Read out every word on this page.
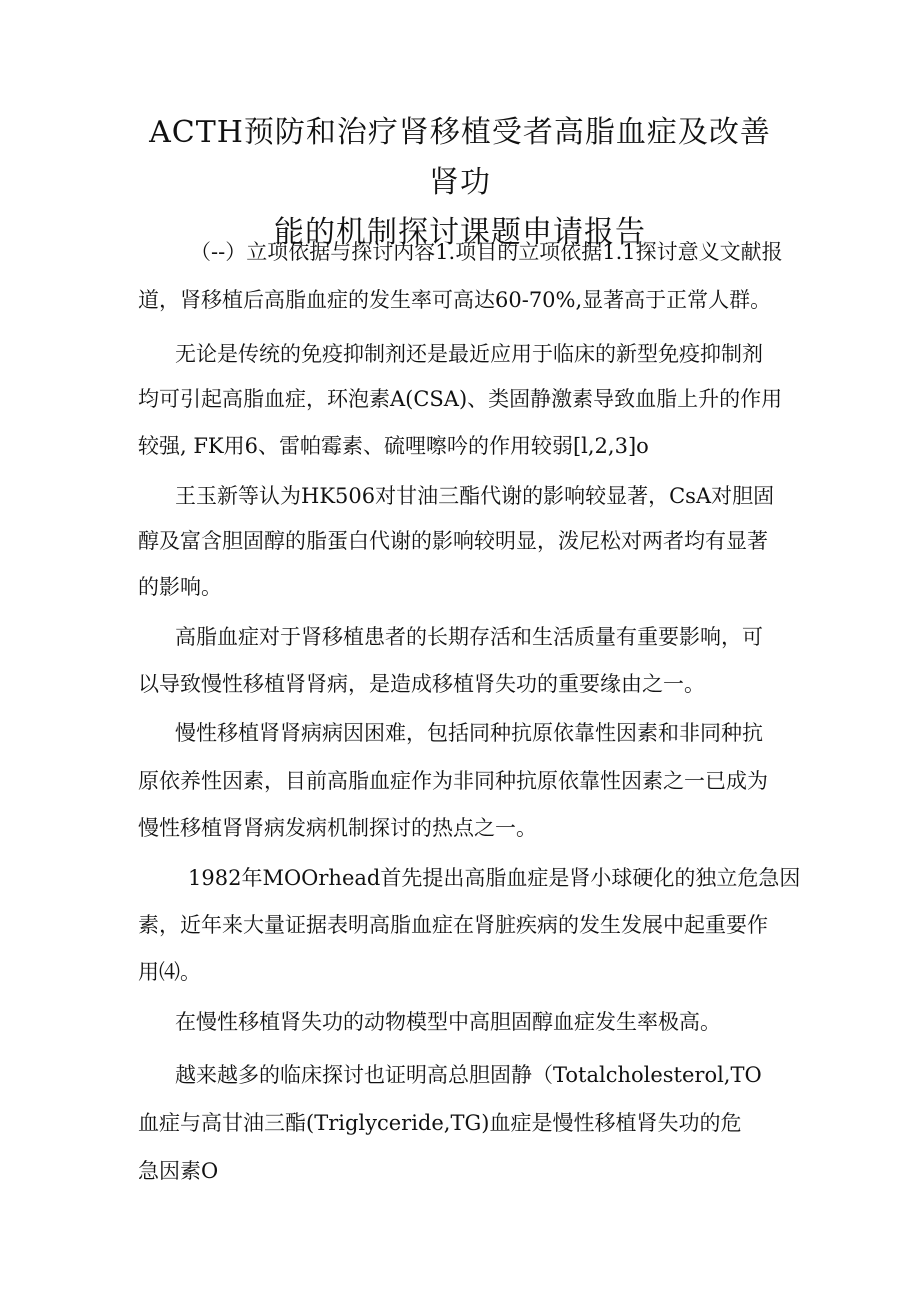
ACTH预防和治疗肾移植受者高脂血症及改善肾功
能的机制探讨课题申请报告

（--）立项依据与探讨内容1.项目的立项依据1.1探讨意义文献报

道，肾移植后高脂血症的发生率可高达60-70%,显著高于正常人群。

无论是传统的免疫抑制剂还是最近应用于临床的新型免疫抑制剂

均可引起高脂血症，环泡素A(CSA)、类固静激素导致血脂上升的作用

较强, FK用6、雷帕霉素、硫哩嚓吟的作用较弱[l,2,3]o

王玉新等认为HK506对甘油三酯代谢的影响较显著，CsA对胆固

醇及富含胆固醇的脂蛋白代谢的影响较明显，泼尼松对两者均有显著

的影响。

高脂血症对于肾移植患者的长期存活和生活质量有重要影响，可

以导致慢性移植肾肾病，是造成移植肾失功的重要缘由之一。

慢性移植肾肾病病因困难，包括同种抗原依靠性因素和非同种抗

原依养性因素，目前高脂血症作为非同种抗原依靠性因素之一已成为

慢性移植肾肾病发病机制探讨的热点之一。

1982年MOOrhead首先提出高脂血症是肾小球硬化的独立危急因

素，近年来大量证据表明高脂血症在肾脏疾病的发生发展中起重要作

用⑷。

在慢性移植肾失功的动物模型中高胆固醇血症发生率极高。

越来越多的临床探讨也证明高总胆固静（Totalcholesterol,TO

血症与高甘油三酯(Triglyceride,TG)血症是慢性移植肾失功的危

急因素O
